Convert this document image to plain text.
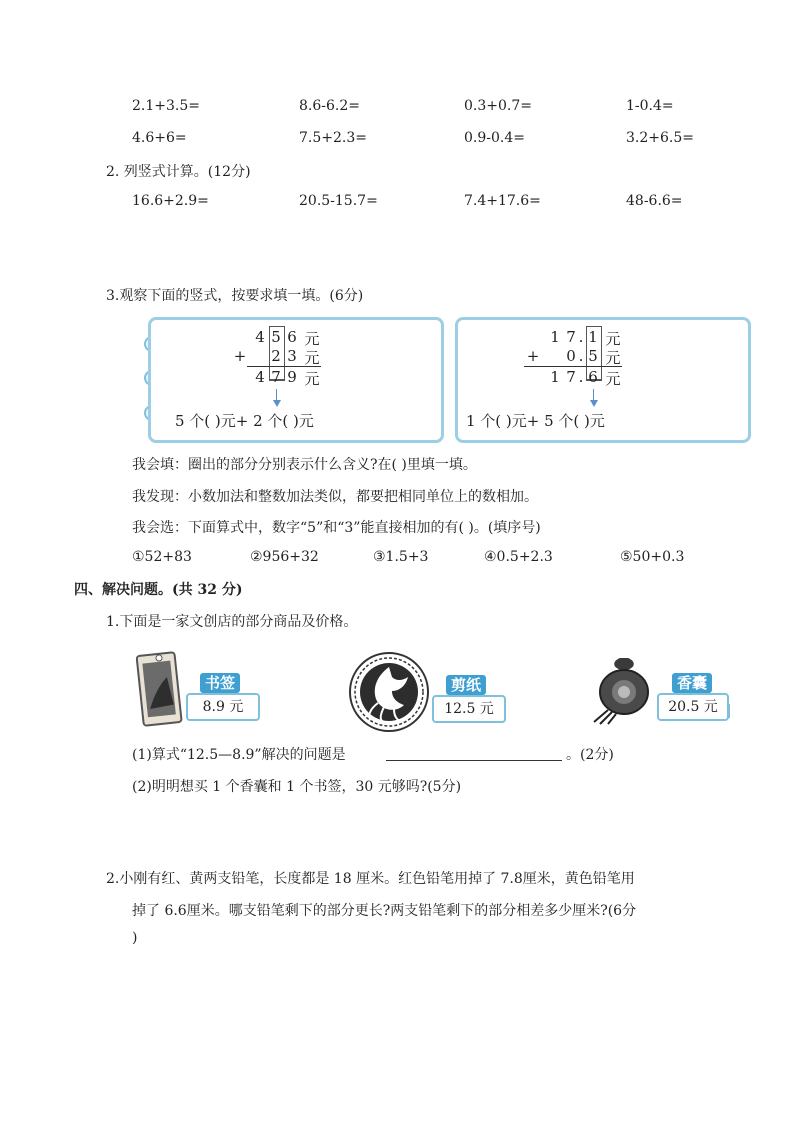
2.1+3.5=	8.6-6.2=	0.3+0.7=	1-0.4=
4.6+6=	7.5+2.3=	0.9-0.4=	3.2+6.5=
2. 列竖式计算。(12分)
16.6+2.9=	20.5-15.7=	7.4+17.6=	48-6.6=
3.观察下面的竖式，按要求填一填。(6分)
4 5 6 元
+ 2 3 元
4 7 9 元
5 个( )元+ 2 个( )元
1 7 . 1 元
+ 0 . 5 元
1 7 . 6 元
1 个( )元+ 5 个( )元
我会填：圈出的部分分别表示什么含义?在( )里填一填。
我发现：小数加法和整数加法类似，都要把相同单位上的数相加。
我会选：下面算式中，数字“5”和“3”能直接相加的有( )。(填序号)
①52+83	②956+32	③1.5+3	④0.5+2.3	⑤50+0.3
四、解决问题。(共 32 分)
1.下面是一家文创店的部分商品及价格。
书签
8.9 元
剪纸
12.5 元
香囊
20.5 元
(1)算式“12.5—8.9”解决的问题是	。(2分)
(2)明明想买 1 个香囊和 1 个书签，30 元够吗?(5分)
2.小刚有红、黄两支铅笔，长度都是 18 厘米。红色铅笔用掉了 7.8厘米，黄色铅笔用
掉了 6.6厘米。哪支铅笔剩下的部分更长?两支铅笔剩下的部分相差多少厘米?(6分
)
